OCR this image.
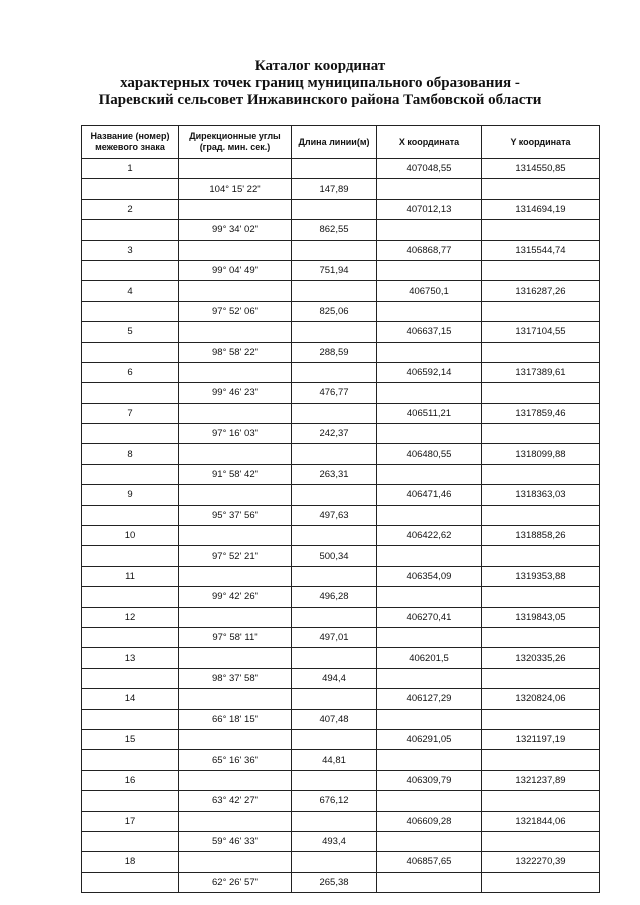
Каталог координат
характерных точек границ муниципального образования -
Паревский сельсовет Инжавинского района Тамбовской области
Название (номер) межевого знака	Дирекционные углы (град. мин. сек.)	Длина линии(м)	X координата	Y координата
1			407048,55	1314550,85
	104° 15' 22"	147,89		
2			407012,13	1314694,19
	99° 34' 02"	862,55		
3			406868,77	1315544,74
	99° 04' 49"	751,94		
4			406750,1	1316287,26
	97° 52' 06"	825,06		
5			406637,15	1317104,55
	98° 58' 22"	288,59		
6			406592,14	1317389,61
	99° 46' 23"	476,77		
7			406511,21	1317859,46
	97° 16' 03"	242,37		
8			406480,55	1318099,88
	91° 58' 42"	263,31		
9			406471,46	1318363,03
	95° 37' 56"	497,63		
10			406422,62	1318858,26
	97° 52' 21"	500,34		
11			406354,09	1319353,88
	99° 42' 26"	496,28		
12			406270,41	1319843,05
	97° 58' 11"	497,01		
13			406201,5	1320335,26
	98° 37' 58"	494,4		
14			406127,29	1320824,06
	66° 18' 15"	407,48		
15			406291,05	1321197,19
	65° 16' 36"	44,81		
16			406309,79	1321237,89
	63° 42' 27"	676,12		
17			406609,28	1321844,06
	59° 46' 33"	493,4		
18			406857,65	1322270,39
	62° 26' 57"	265,38		
